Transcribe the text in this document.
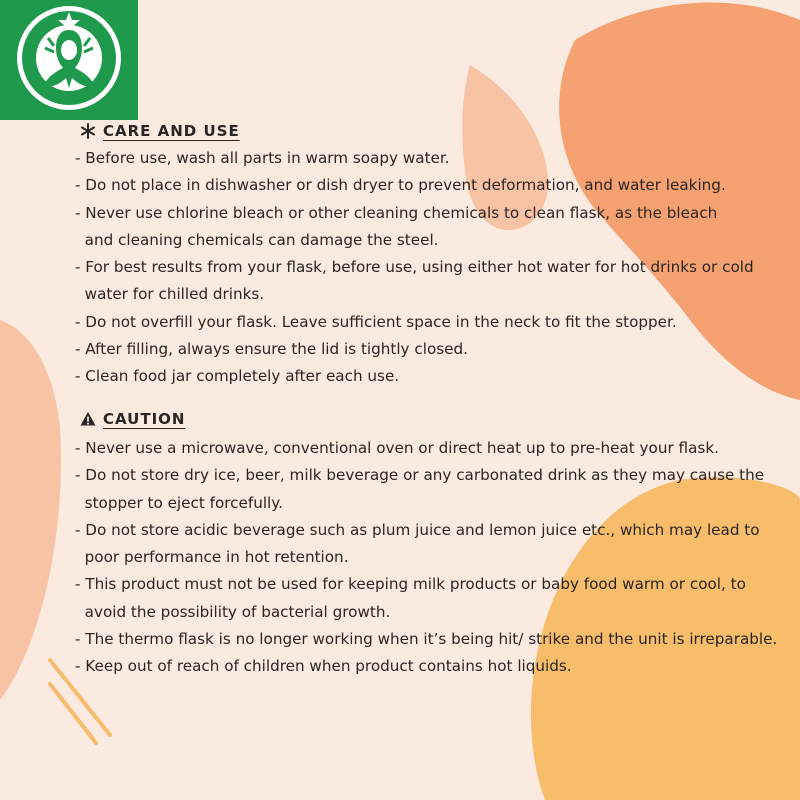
CARE AND USE
- Before use, wash all parts in warm soapy water.
- Do not place in dishwasher or dish dryer to prevent deformation, and water leaking.
- Never use chlorine bleach or other cleaning chemicals to clean flask, as the bleach
and cleaning chemicals can damage the steel.
- For best results from your flask, before use, using either hot water for hot drinks or cold
water for chilled drinks.
- Do not overfill your flask. Leave sufficient space in the neck to fit the stopper.
- After filling, always ensure the lid is tightly closed.
- Clean food jar completely after each use.
CAUTION
- Never use a microwave, conventional oven or direct heat up to pre-heat your flask.
- Do not store dry ice, beer, milk beverage or any carbonated drink as they may cause the
stopper to eject forcefully.
- Do not store acidic beverage such as plum juice and lemon juice etc., which may lead to
poor performance in hot retention.
- This product must not be used for keeping milk products or baby food warm or cool, to
avoid the possibility of bacterial growth.
- The thermo flask is no longer working when it’s being hit/ strike and the unit is irreparable.
- Keep out of reach of children when product contains hot liquids.
